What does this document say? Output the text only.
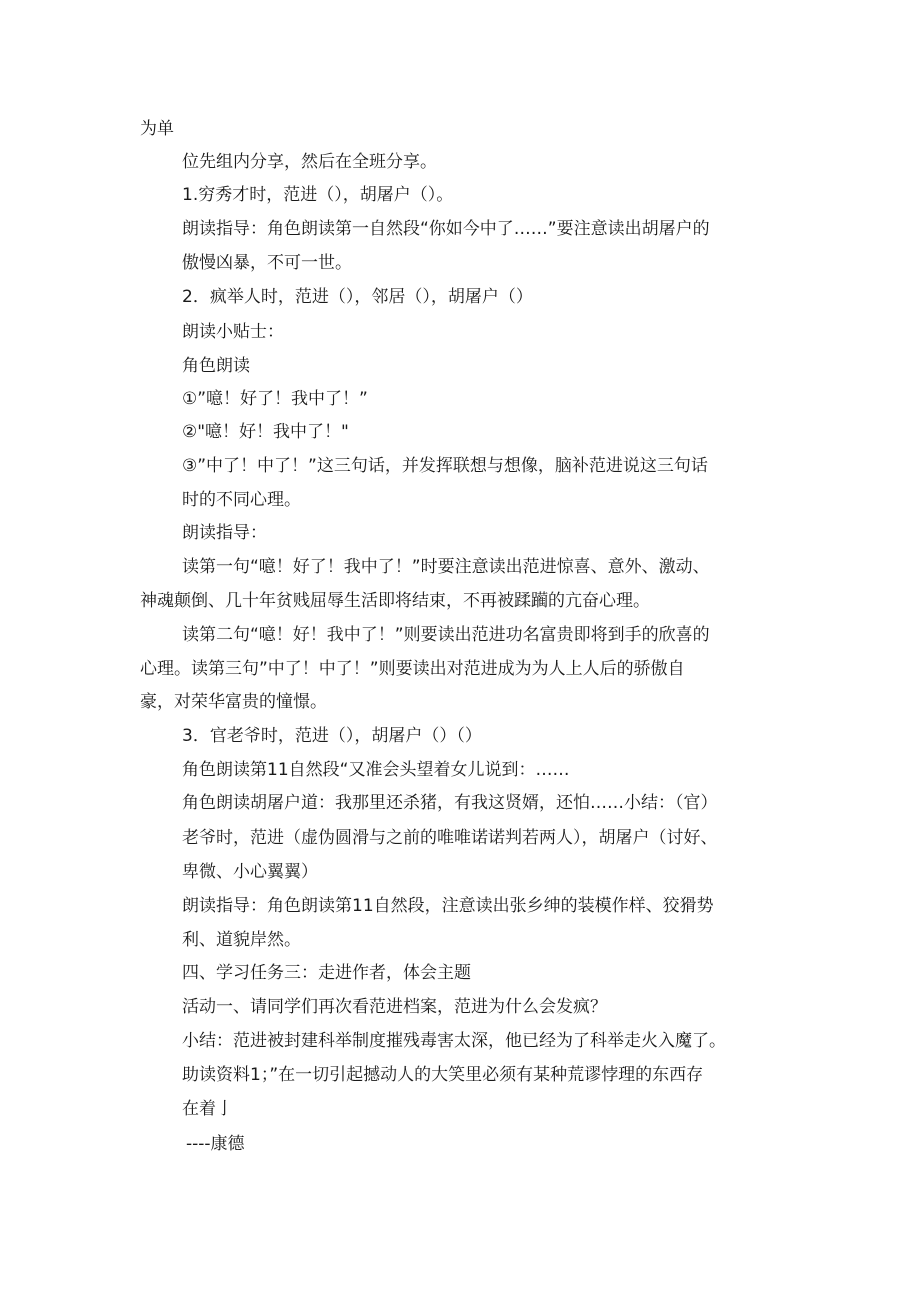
为单
位先组内分享，然后在全班分享。
1.穷秀才时，范进（），胡屠户（）。
朗读指导：角色朗读第一自然段“你如今中了……”要注意读出胡屠户的
傲慢凶暴，不可一世。
2．疯举人时，范进（），邻居（），胡屠户（）
朗读小贴士：
角色朗读
①”噫！好了！我中了！”
②"噫！好！我中了！"
③”中了！中了！”这三句话，并发挥联想与想像，脑补范进说这三句话
时的不同心理。
朗读指导：
读第一句“噫！好了！我中了！”时要注意读出范进惊喜、意外、激动、
神魂颠倒、几十年贫贱屈辱生活即将结束，不再被蹂躏的亢奋心理。
读第二句“噫！好！我中了！”则要读出范进功名富贵即将到手的欣喜的
心理。读第三句”中了！中了！”则要读出对范进成为为人上人后的骄傲自
豪，对荣华富贵的憧憬。
3．官老爷时，范进（），胡屠户（）（）
角色朗读第11自然段“又准会头望着女儿说到：……
角色朗读胡屠户道：我那里还杀猪，有我这贤婿，还怕……小结：（官）
老爷时，范进（虚伪圆滑与之前的唯唯诺诺判若两人），胡屠户（讨好、
卑微、小心翼翼）
朗读指导：角色朗读第11自然段，注意读出张乡绅的装模作样、狡猾势
利、道貌岸然。
四、学习任务三：走进作者，体会主题
活动一、请同学们再次看范进档案，范进为什么会发疯？
小结：范进被封建科举制度摧残毒害太深，他已经为了科举走火入魔了。
助读资料1；”在一切引起撼动人的大笑里必须有某种荒谬悖理的东西存
在着亅
----康德
